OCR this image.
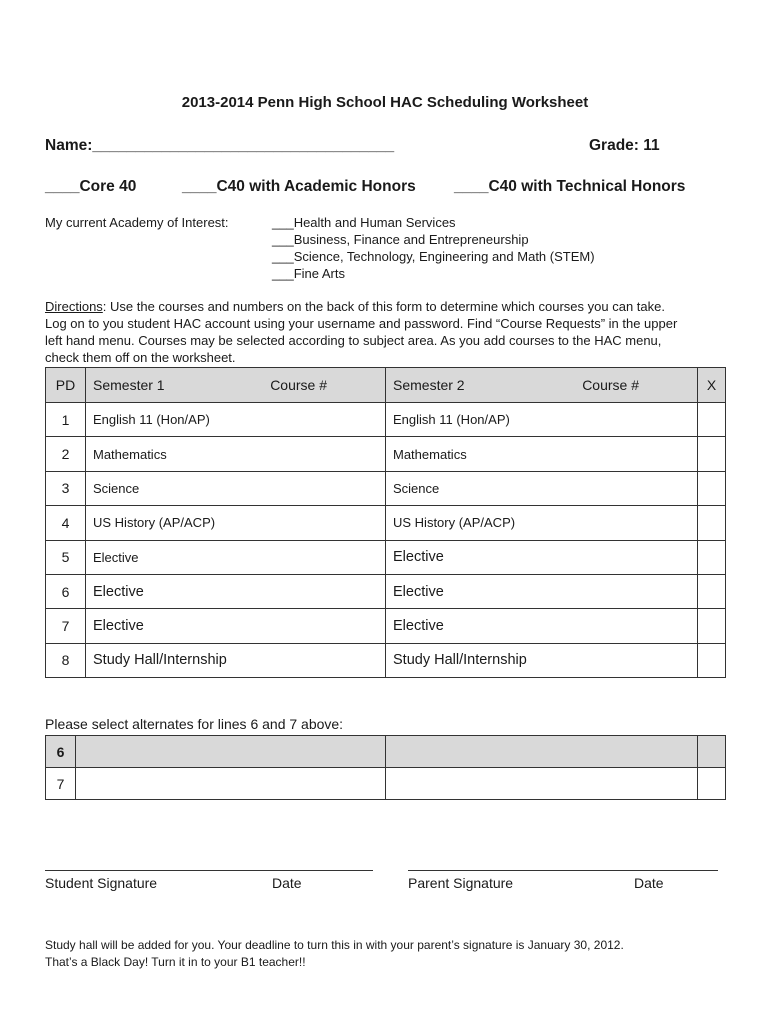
2013-2014 Penn High School HAC Scheduling Worksheet
Name:___________________________________	Grade: 11
____Core 40	____C40 with Academic Honors ____C40 with Technical Honors
My current Academy of Interest:	___Health and Human Services
___Business, Finance and Entrepreneurship
___Science, Technology, Engineering and Math (STEM)
___Fine Arts
Directions: Use the courses and numbers on the back of this form to determine which courses you can take.
Log on to you student HAC account using your username and password. Find “Course Requests” in the upper
left hand menu. Courses may be selected according to subject area. As you add courses to the HAC menu,
check them off on the worksheet.
PD	Semester 1 Course #	Semester 2 Course #	X
1	English 11 (Hon/AP)	English 11 (Hon/AP)	
2	Mathematics	Mathematics	
3	Science	Science	
4	US History (AP/ACP)	US History (AP/ACP)	
5	Elective	Elective	
6	Elective	Elective	
7	Elective	Elective	
8	Study Hall/Internship	Study Hall/Internship	
Please select alternates for lines 6 and 7 above:
6			
7			
Student Signature	Date	Parent Signature	Date
Study hall will be added for you. Your deadline to turn this in with your parent’s signature is January 30, 2012.
That’s a Black Day! Turn it in to your B1 teacher!!
